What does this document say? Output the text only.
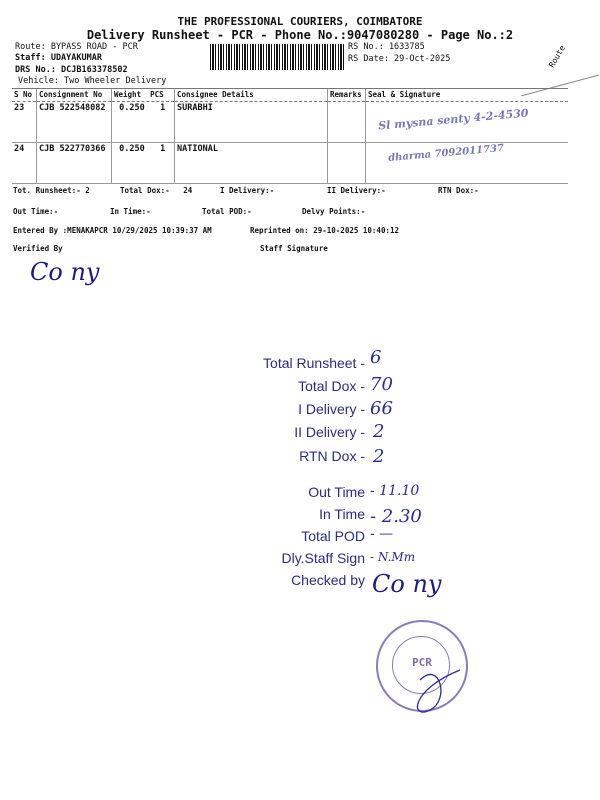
THE PROFESSIONAL COURIERS, COIMBATORE
Delivery Runsheet - PCR - Phone No.:9047080280 - Page No.:2
Route: BYPASS ROAD - PCR
Staff: UDAYAKUMAR
DRS No.: DCJB163378502
Vehicle: Two Wheeler Delivery
RS No.: 1633785
RS Date: 29-Oct-2025	Route
S No	Consignment No	Weight PCS	Consignee Details	Remarks	Seal & Signature
23	CJB 522548082	0.250 1	SURABHI		Sl mysna senty 4-2-4530
24	CJB 522770366	0.250 1	NATIONAL		dharma 7092011737
Tot. Runsheet:- 2	Total Dox:-   24	I Delivery:-	II Delivery:-	RTN Dox:-
Out Time:-	In Time:-	Total POD:-	Delvy Points:-
Entered By :MENAKAPCR 10/29/2025 10:39:37 AM	Reprinted on: 29-10-2025 10:40:12
Verified By	Staff Signature
Co ny
Total Runsheet - 6
Total Dox - 70
I Delivery - 66
II Delivery - 2
RTN Dox - 2
Out Time - 11.10
In Time - 2.30
Total POD - —
Dly.Staff Sign - N.Mm
Checked by Co ny
PCR
